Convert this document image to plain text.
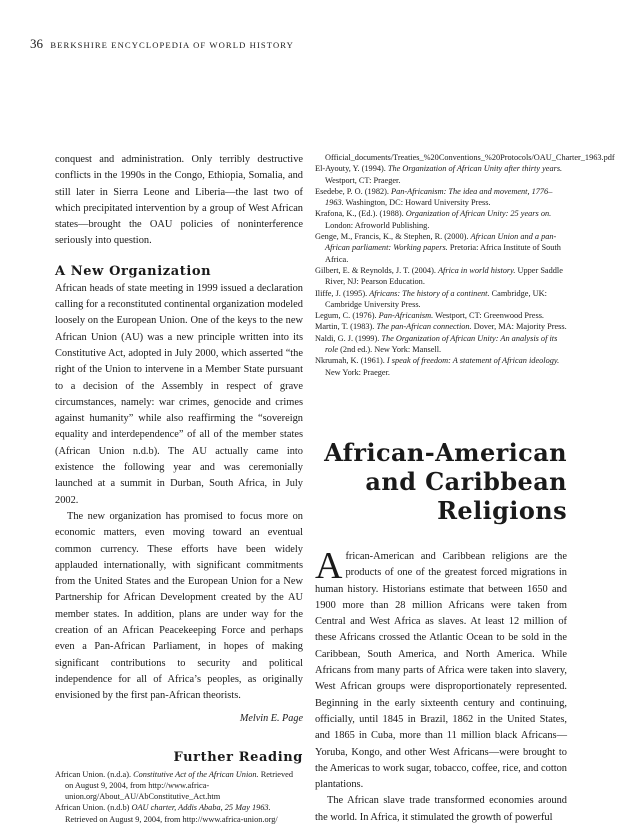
36 BERKSHIRE ENCYCLOPEDIA OF WORLD HISTORY

conquest and administration. Only terribly destructive conflicts in the 1990s in the Congo, Ethiopia, Somalia, and still later in Sierra Leone and Liberia—the last two of which precipitated intervention by a group of West African states—brought the OAU policies of noninterference seriously into question.

A New Organization

African heads of state meeting in 1999 issued a declaration calling for a reconstituted continental organization modeled loosely on the European Union. One of the keys to the new African Union (AU) was a new principle written into its Constitutive Act, adopted in July 2000, which asserted “the right of the Union to intervene in a Member State pursuant to a decision of the Assembly in respect of grave circumstances, namely: war crimes, genocide and crimes against humanity” while also reaffirming the “sovereign equality and interdependence” of all of the member states (African Union n.d.b). The AU actually came into existence the following year and was ceremonially launched at a summit in Durban, South Africa, in July 2002.

The new organization has promised to focus more on economic matters, even moving toward an eventual common currency. These efforts have been widely applauded internationally, with significant commitments from the United States and the European Union for a New Partnership for African Development created by the AU member states. In addition, plans are under way for the creation of an African Peacekeeping Force and perhaps even a Pan-African Parliament, in hopes of making significant contributions to security and political independence for all of Africa’s peoples, as originally envisioned by the first pan-African theorists.

Melvin E. Page

Further Reading
African Union. (n.d.a). Constitutive Act of the African Union. Retrieved on August 9, 2004, from http://www.africa-union.org/About_AU/AbConstitutive_Act.htm
African Union. (n.d.b) OAU charter, Addis Ababa, 25 May 1963. Retrieved on August 9, 2004, from http://www.africa-union.org/
Official_documents/Treaties_%20Conventions_%20Protocols/OAU_Charter_1963.pdf
El-Ayouty, Y. (1994). The Organization of African Unity after thirty years. Westport, CT: Praeger.
Esedebe, P. O. (1982). Pan-Africanism: The idea and movement, 1776–1963. Washington, DC: Howard University Press.
Krafona, K., (Ed.). (1988). Organization of African Unity: 25 years on. London: Afroworld Publishing.
Genge, M., Francis, K., & Stephen, R. (2000). African Union and a pan-African parliament: Working papers. Pretoria: Africa Institute of South Africa.
Gilbert, E. & Reynolds, J. T. (2004). Africa in world history. Upper Saddle River, NJ: Pearson Education.
Iliffe, J. (1995). Africans: The history of a continent. Cambridge, UK: Cambridge University Press.
Legum, C. (1976). Pan-Africanism. Westport, CT: Greenwood Press.
Martin, T. (1983). The pan-African connection. Dover, MA: Majority Press.
Naldi, G. J. (1999). The Organization of African Unity: An analysis of its role (2nd ed.). New York: Mansell.
Nkrumah, K. (1961). I speak of freedom: A statement of African ideology. New York: Praeger.
African-American
and Caribbean
Religions

African-American and Caribbean religions are the products of one of the greatest forced migrations in human history. Historians estimate that between 1650 and 1900 more than 28 million Africans were taken from Central and West Africa as slaves. At least 12 million of these Africans crossed the Atlantic Ocean to be sold in the Caribbean, South America, and North America. While Africans from many parts of Africa were taken into slavery, West African groups were disproportionately represented. Beginning in the early sixteenth century and continuing, officially, until 1845 in Brazil, 1862 in the United States, and 1865 in Cuba, more than 11 million black Africans—Yoruba, Kongo, and other West Africans—were brought to the Americas to work sugar, tobacco, coffee, rice, and cotton plantations.

The African slave trade transformed economies around the world. In Africa, it stimulated the growth of powerful
